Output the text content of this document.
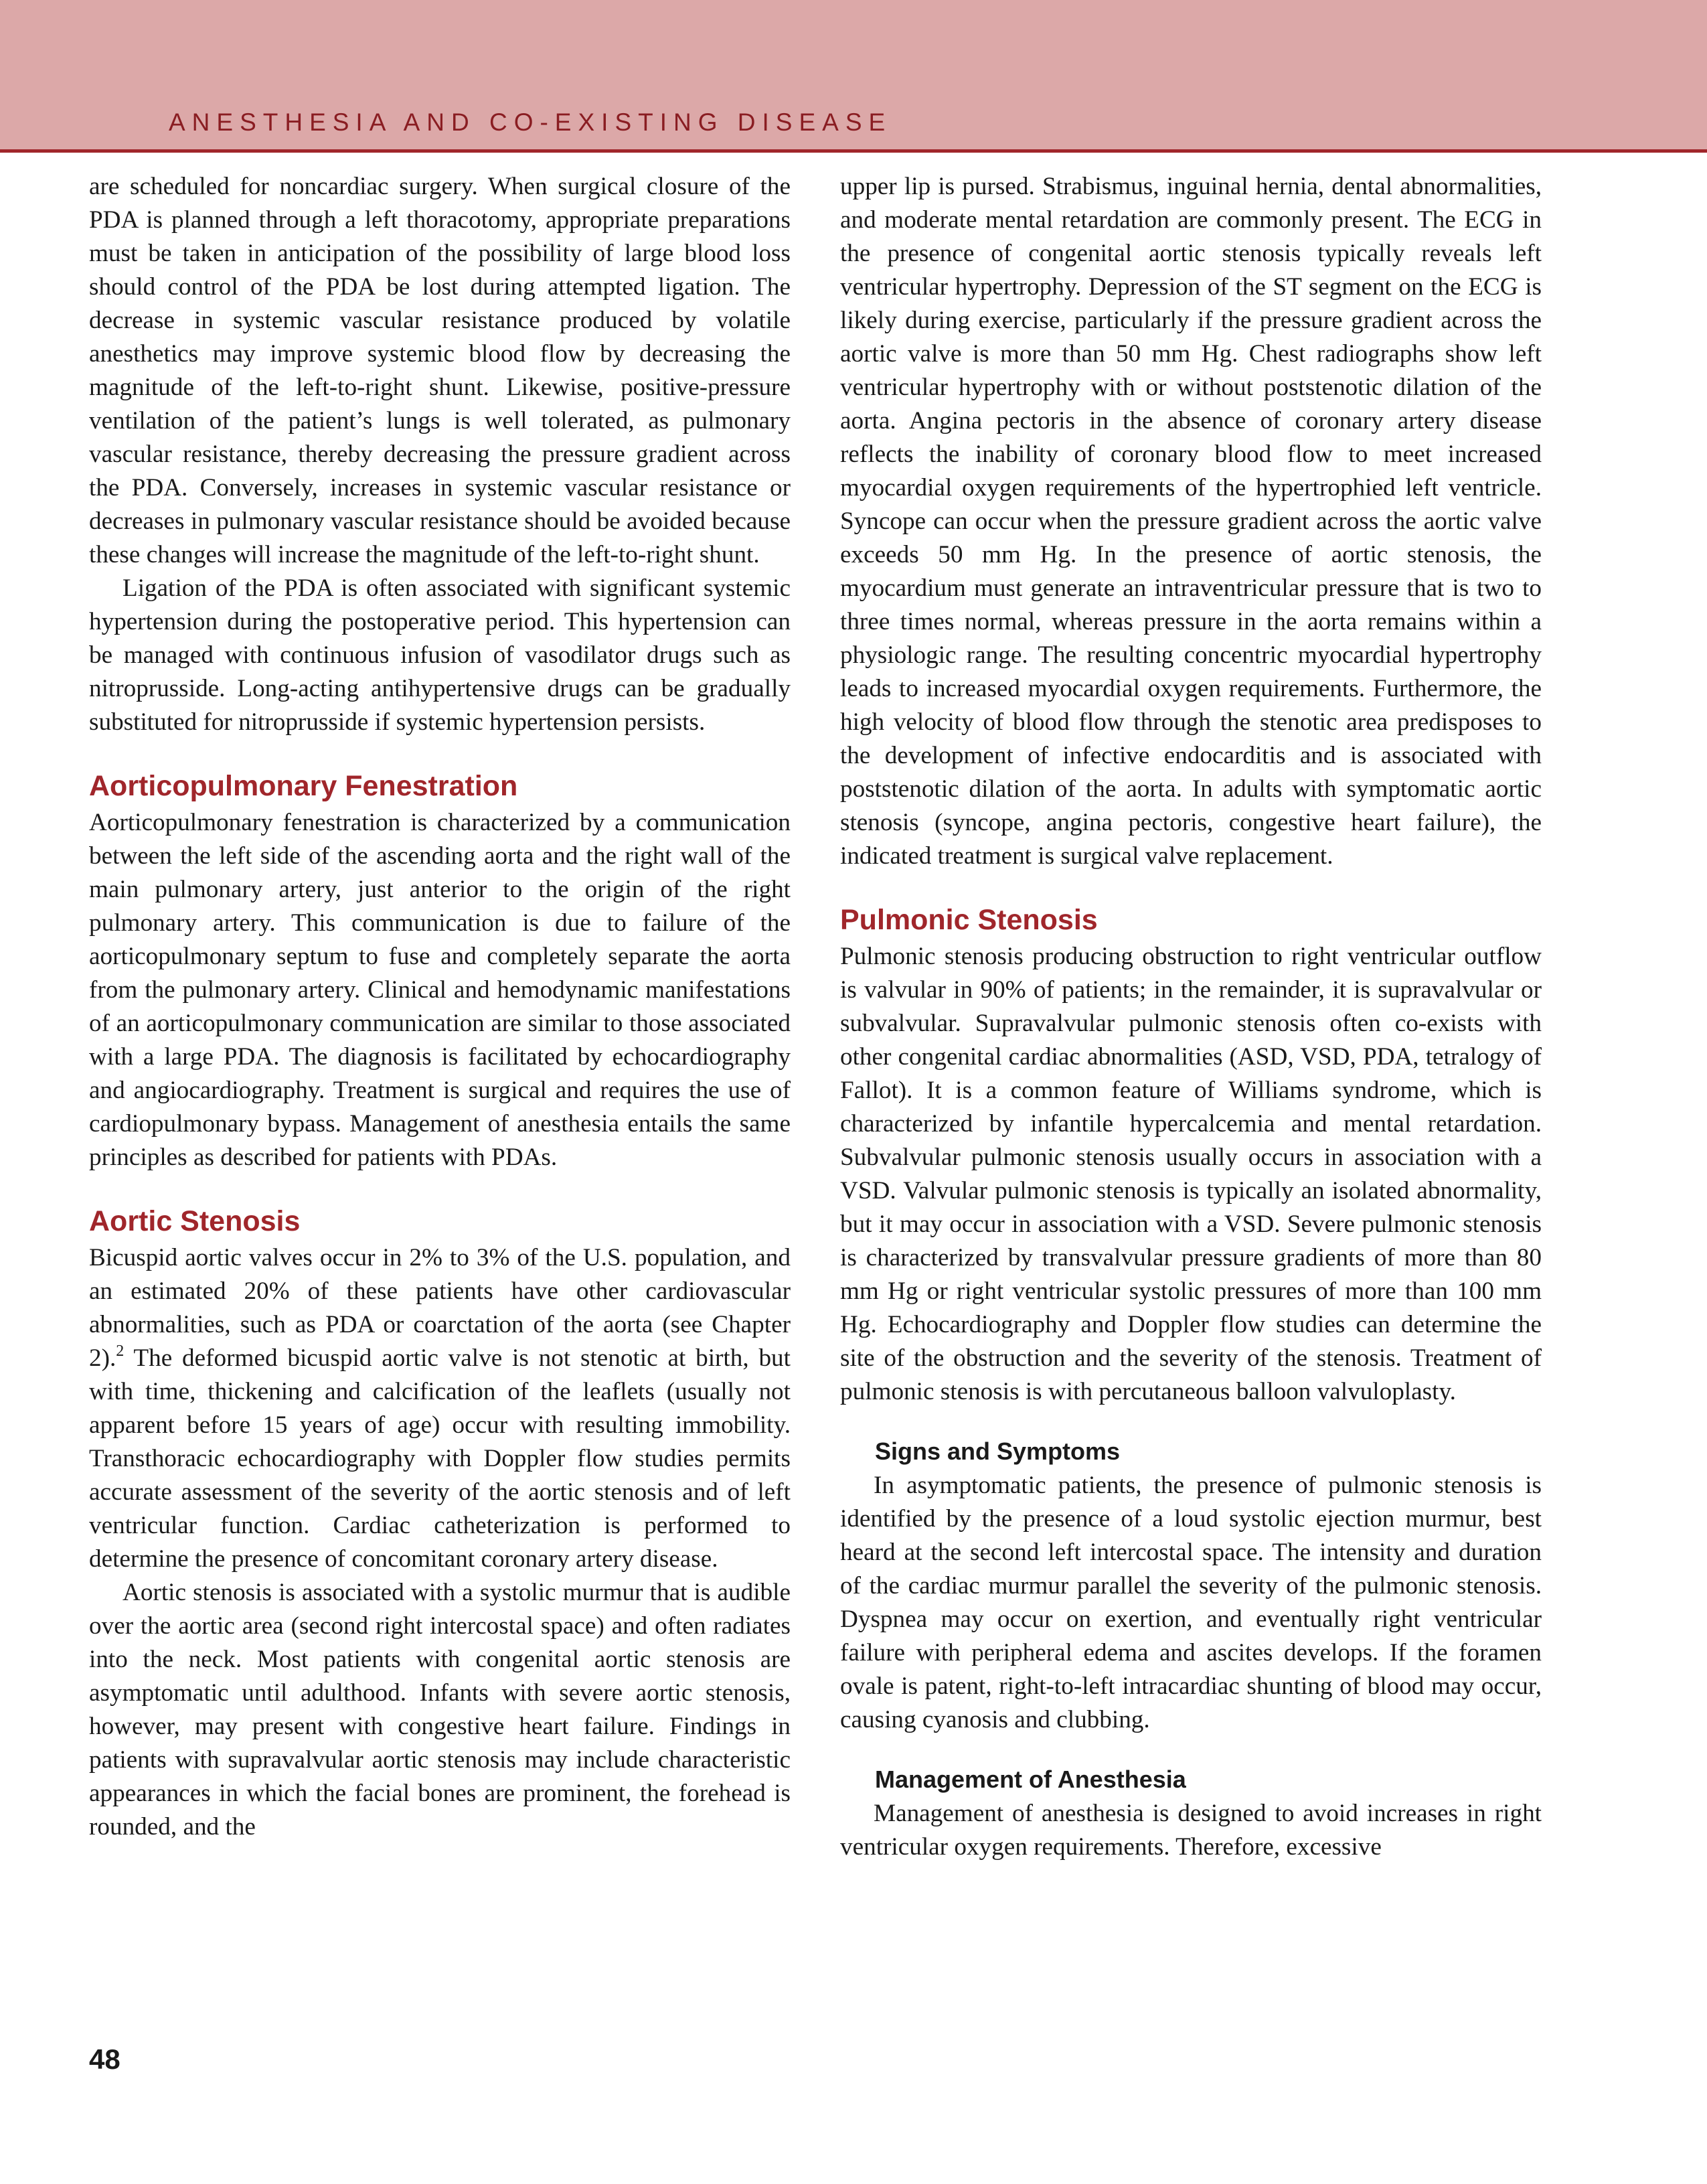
ANESTHESIA AND CO-EXISTING DISEASE

are scheduled for noncardiac surgery. When surgical closure of the PDA is planned through a left thoracotomy, appropriate preparations must be taken in anticipation of the possibility of large blood loss should control of the PDA be lost during attempted ligation. The decrease in systemic vascular resistance produced by volatile anesthetics may improve systemic blood flow by decreasing the magnitude of the left-to-right shunt. Likewise, positive-pressure ventilation of the patient’s lungs is well tolerated, as pulmonary vascular resistance, thereby decreasing the pressure gradient across the PDA. Conversely, increases in systemic vascular resistance or decreases in pulmonary vascular resistance should be avoided because these changes will increase the magnitude of the left-to-right shunt.

Ligation of the PDA is often associated with significant systemic hypertension during the postoperative period. This hypertension can be managed with continuous infusion of vasodilator drugs such as nitroprusside. Long-acting antihypertensive drugs can be gradually substituted for nitroprusside if systemic hypertension persists.

Aorticopulmonary Fenestration

Aorticopulmonary fenestration is characterized by a communication between the left side of the ascending aorta and the right wall of the main pulmonary artery, just anterior to the origin of the right pulmonary artery. This communication is due to failure of the aorticopulmonary septum to fuse and completely separate the aorta from the pulmonary artery. Clinical and hemodynamic manifestations of an aorticopulmonary communication are similar to those associated with a large PDA. The diagnosis is facilitated by echocardiography and angiocardiography. Treatment is surgical and requires the use of cardiopulmonary bypass. Management of anesthesia entails the same principles as described for patients with PDAs.

Aortic Stenosis

Bicuspid aortic valves occur in 2% to 3% of the U.S. population, and an estimated 20% of these patients have other cardiovascular abnormalities, such as PDA or coarctation of the aorta (see Chapter 2).$^2$ The deformed bicuspid aortic valve is not stenotic at birth, but with time, thickening and calcification of the leaflets (usually not apparent before 15 years of age) occur with resulting immobility. Transthoracic echocardiography with Doppler flow studies permits accurate assessment of the severity of the aortic stenosis and of left ventricular function. Cardiac catheterization is performed to determine the presence of concomitant coronary artery disease.

Aortic stenosis is associated with a systolic murmur that is audible over the aortic area (second right intercostal space) and often radiates into the neck. Most patients with congenital aortic stenosis are asymptomatic until adulthood. Infants with severe aortic stenosis, however, may present with congestive heart failure. Findings in patients with supravalvular aortic stenosis may include characteristic appearances in which the facial bones are prominent, the forehead is rounded, and the

upper lip is pursed. Strabismus, inguinal hernia, dental abnormalities, and moderate mental retardation are commonly present. The ECG in the presence of congenital aortic stenosis typically reveals left ventricular hypertrophy. Depression of the ST segment on the ECG is likely during exercise, particularly if the pressure gradient across the aortic valve is more than 50 mm Hg. Chest radiographs show left ventricular hypertrophy with or without poststenotic dilation of the aorta. Angina pectoris in the absence of coronary artery disease reflects the inability of coronary blood flow to meet increased myocardial oxygen requirements of the hypertrophied left ventricle. Syncope can occur when the pressure gradient across the aortic valve exceeds 50 mm Hg. In the presence of aortic stenosis, the myocardium must generate an intraventricular pressure that is two to three times normal, whereas pressure in the aorta remains within a physiologic range. The resulting concentric myocardial hypertrophy leads to increased myocardial oxygen requirements. Furthermore, the high velocity of blood flow through the stenotic area predisposes to the development of infective endocarditis and is associated with poststenotic dilation of the aorta. In adults with symptomatic aortic stenosis (syncope, angina pectoris, congestive heart failure), the indicated treatment is surgical valve replacement.

Pulmonic Stenosis

Pulmonic stenosis producing obstruction to right ventricular outflow is valvular in 90% of patients; in the remainder, it is supravalvular or subvalvular. Supravalvular pulmonic stenosis often co-exists with other congenital cardiac abnormalities (ASD, VSD, PDA, tetralogy of Fallot). It is a common feature of Williams syndrome, which is characterized by infantile hypercalcemia and mental retardation. Subvalvular pulmonic stenosis usually occurs in association with a VSD. Valvular pulmonic stenosis is typically an isolated abnormality, but it may occur in association with a VSD. Severe pulmonic stenosis is characterized by transvalvular pressure gradients of more than 80 mm Hg or right ventricular systolic pressures of more than 100 mm Hg. Echocardiography and Doppler flow studies can determine the site of the obstruction and the severity of the stenosis. Treatment of pulmonic stenosis is with percutaneous balloon valvuloplasty.

Signs and Symptoms

In asymptomatic patients, the presence of pulmonic stenosis is identified by the presence of a loud systolic ejection murmur, best heard at the second left intercostal space. The intensity and duration of the cardiac murmur parallel the severity of the pulmonic stenosis. Dyspnea may occur on exertion, and eventually right ventricular failure with peripheral edema and ascites develops. If the foramen ovale is patent, right-to-left intracardiac shunting of blood may occur, causing cyanosis and clubbing.

Management of Anesthesia

Management of anesthesia is designed to avoid increases in right ventricular oxygen requirements. Therefore, excessive

48
